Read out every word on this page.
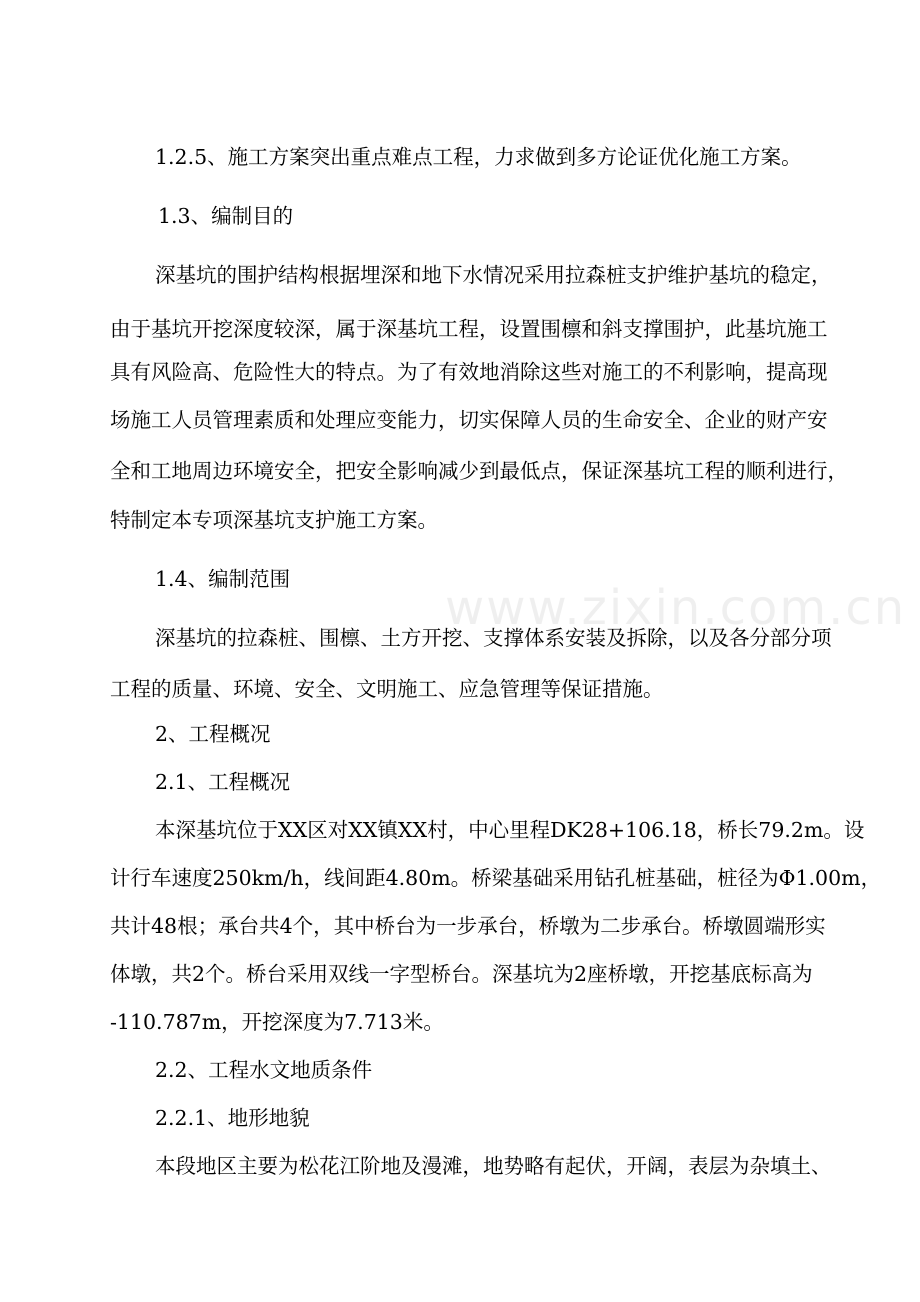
www.zixin.com.cn
1.2.5、施工方案突出重点难点工程，力求做到多方论证优化施工方案。
1.3、编制目的
深基坑的围护结构根据埋深和地下水情况采用拉森桩支护维护基坑的稳定，
由于基坑开挖深度较深，属于深基坑工程，设置围檩和斜支撑围护，此基坑施工
具有风险高、危险性大的特点。为了有效地消除这些对施工的不利影响，提高现
场施工人员管理素质和处理应变能力，切实保障人员的生命安全、企业的财产安
全和工地周边环境安全，把安全影响减少到最低点，保证深基坑工程的顺利进行，
特制定本专项深基坑支护施工方案。
1.4、编制范围
深基坑的拉森桩、围檩、土方开挖、支撑体系安装及拆除，以及各分部分项
工程的质量、环境、安全、文明施工、应急管理等保证措施。
2、工程概况
2.1、工程概况
本深基坑位于XX区对XX镇XX村，中心里程DK28+106.18，桥长79.2m。设
计行车速度250km/h，线间距4.80m。桥梁基础采用钻孔桩基础，桩径为Φ1.00m，
共计48根；承台共4个，其中桥台为一步承台，桥墩为二步承台。桥墩圆端形实
体墩，共2个。桥台采用双线一字型桥台。深基坑为2座桥墩，开挖基底标高为
-110.787m，开挖深度为7.713米。
2.2、工程水文地质条件
2.2.1、地形地貌
本段地区主要为松花江阶地及漫滩，地势略有起伏，开阔，表层为杂填土、
